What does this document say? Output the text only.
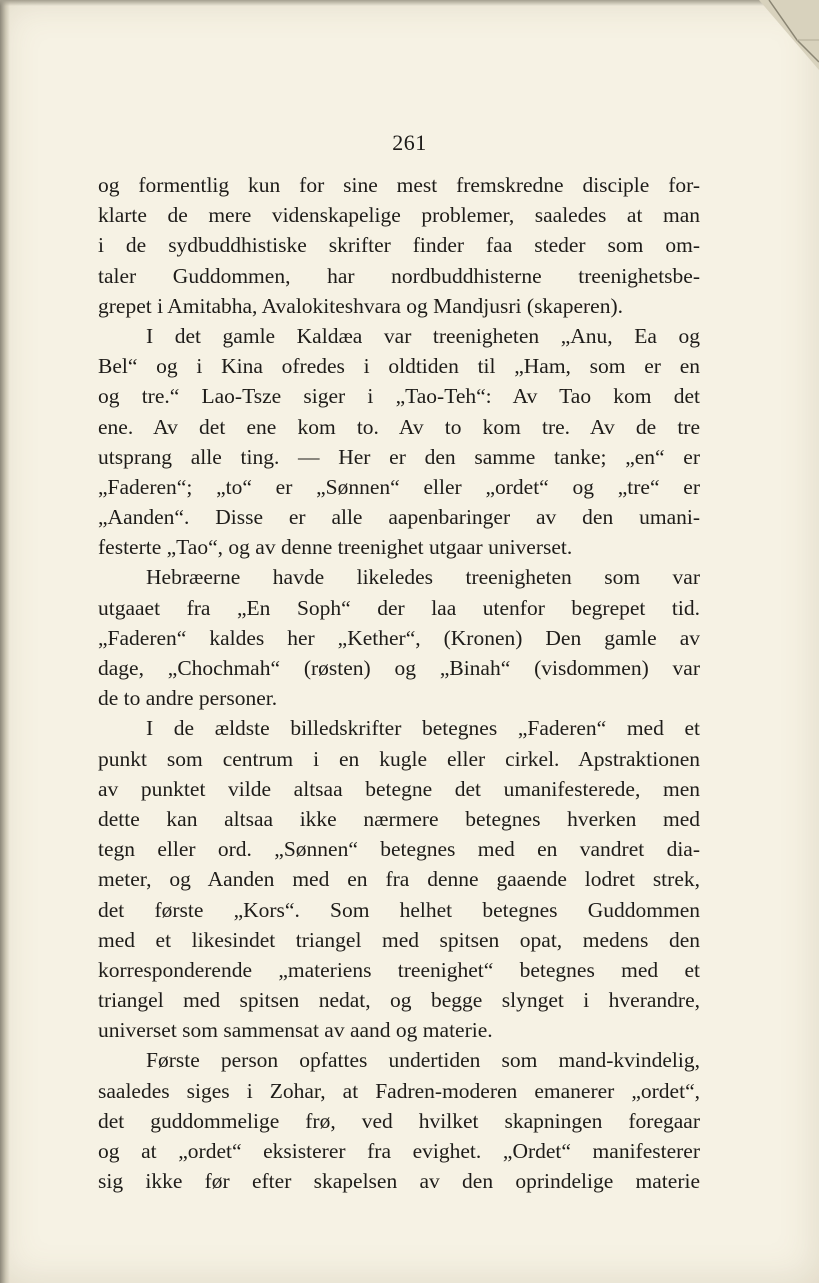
261
og formentlig kun for sine mest fremskredne disciple for-
klarte de mere videnskapelige problemer, saaledes at man
i de sydbuddhistiske skrifter finder faa steder som om-
taler Guddommen, har nordbuddhisterne treenighetsbe-
grepet i Amitabha, Avalokiteshvara og Mandjusri (skaperen).
I det gamle Kaldæa var treenigheten „Anu, Ea og
Bel“ og i Kina ofredes i oldtiden til „Ham, som er en
og tre.“ Lao-Tsze siger i „Tao-Teh“: Av Tao kom det
ene. Av det ene kom to. Av to kom tre. Av de tre
utsprang alle ting. — Her er den samme tanke; „en“ er
„Faderen“; „to“ er „Sønnen“ eller „ordet“ og „tre“ er
„Aanden“. Disse er alle aapenbaringer av den umani-
festerte „Tao“, og av denne treenighet utgaar universet.
Hebræerne havde likeledes treenigheten som var
utgaaet fra „En Soph“ der laa utenfor begrepet tid.
„Faderen“ kaldes her „Kether“, (Kronen) Den gamle av
dage, „Chochmah“ (røsten) og „Binah“ (visdommen) var
de to andre personer.
I de ældste billedskrifter betegnes „Faderen“ med et
punkt som centrum i en kugle eller cirkel. Apstraktionen
av punktet vilde altsaa betegne det umanifesterede, men
dette kan altsaa ikke nærmere betegnes hverken med
tegn eller ord. „Sønnen“ betegnes med en vandret dia-
meter, og Aanden med en fra denne gaaende lodret strek,
det første „Kors“. Som helhet betegnes Guddommen
med et likesindet triangel med spitsen opat, medens den
korresponderende „materiens treenighet“ betegnes med et
triangel med spitsen nedat, og begge slynget i hverandre,
universet som sammensat av aand og materie.
Første person opfattes undertiden som mand-kvindelig,
saaledes siges i Zohar, at Fadren-moderen emanerer „ordet“,
det guddommelige frø, ved hvilket skapningen foregaar
og at „ordet“ eksisterer fra evighet. „Ordet“ manifesterer
sig ikke før efter skapelsen av den oprindelige materie
